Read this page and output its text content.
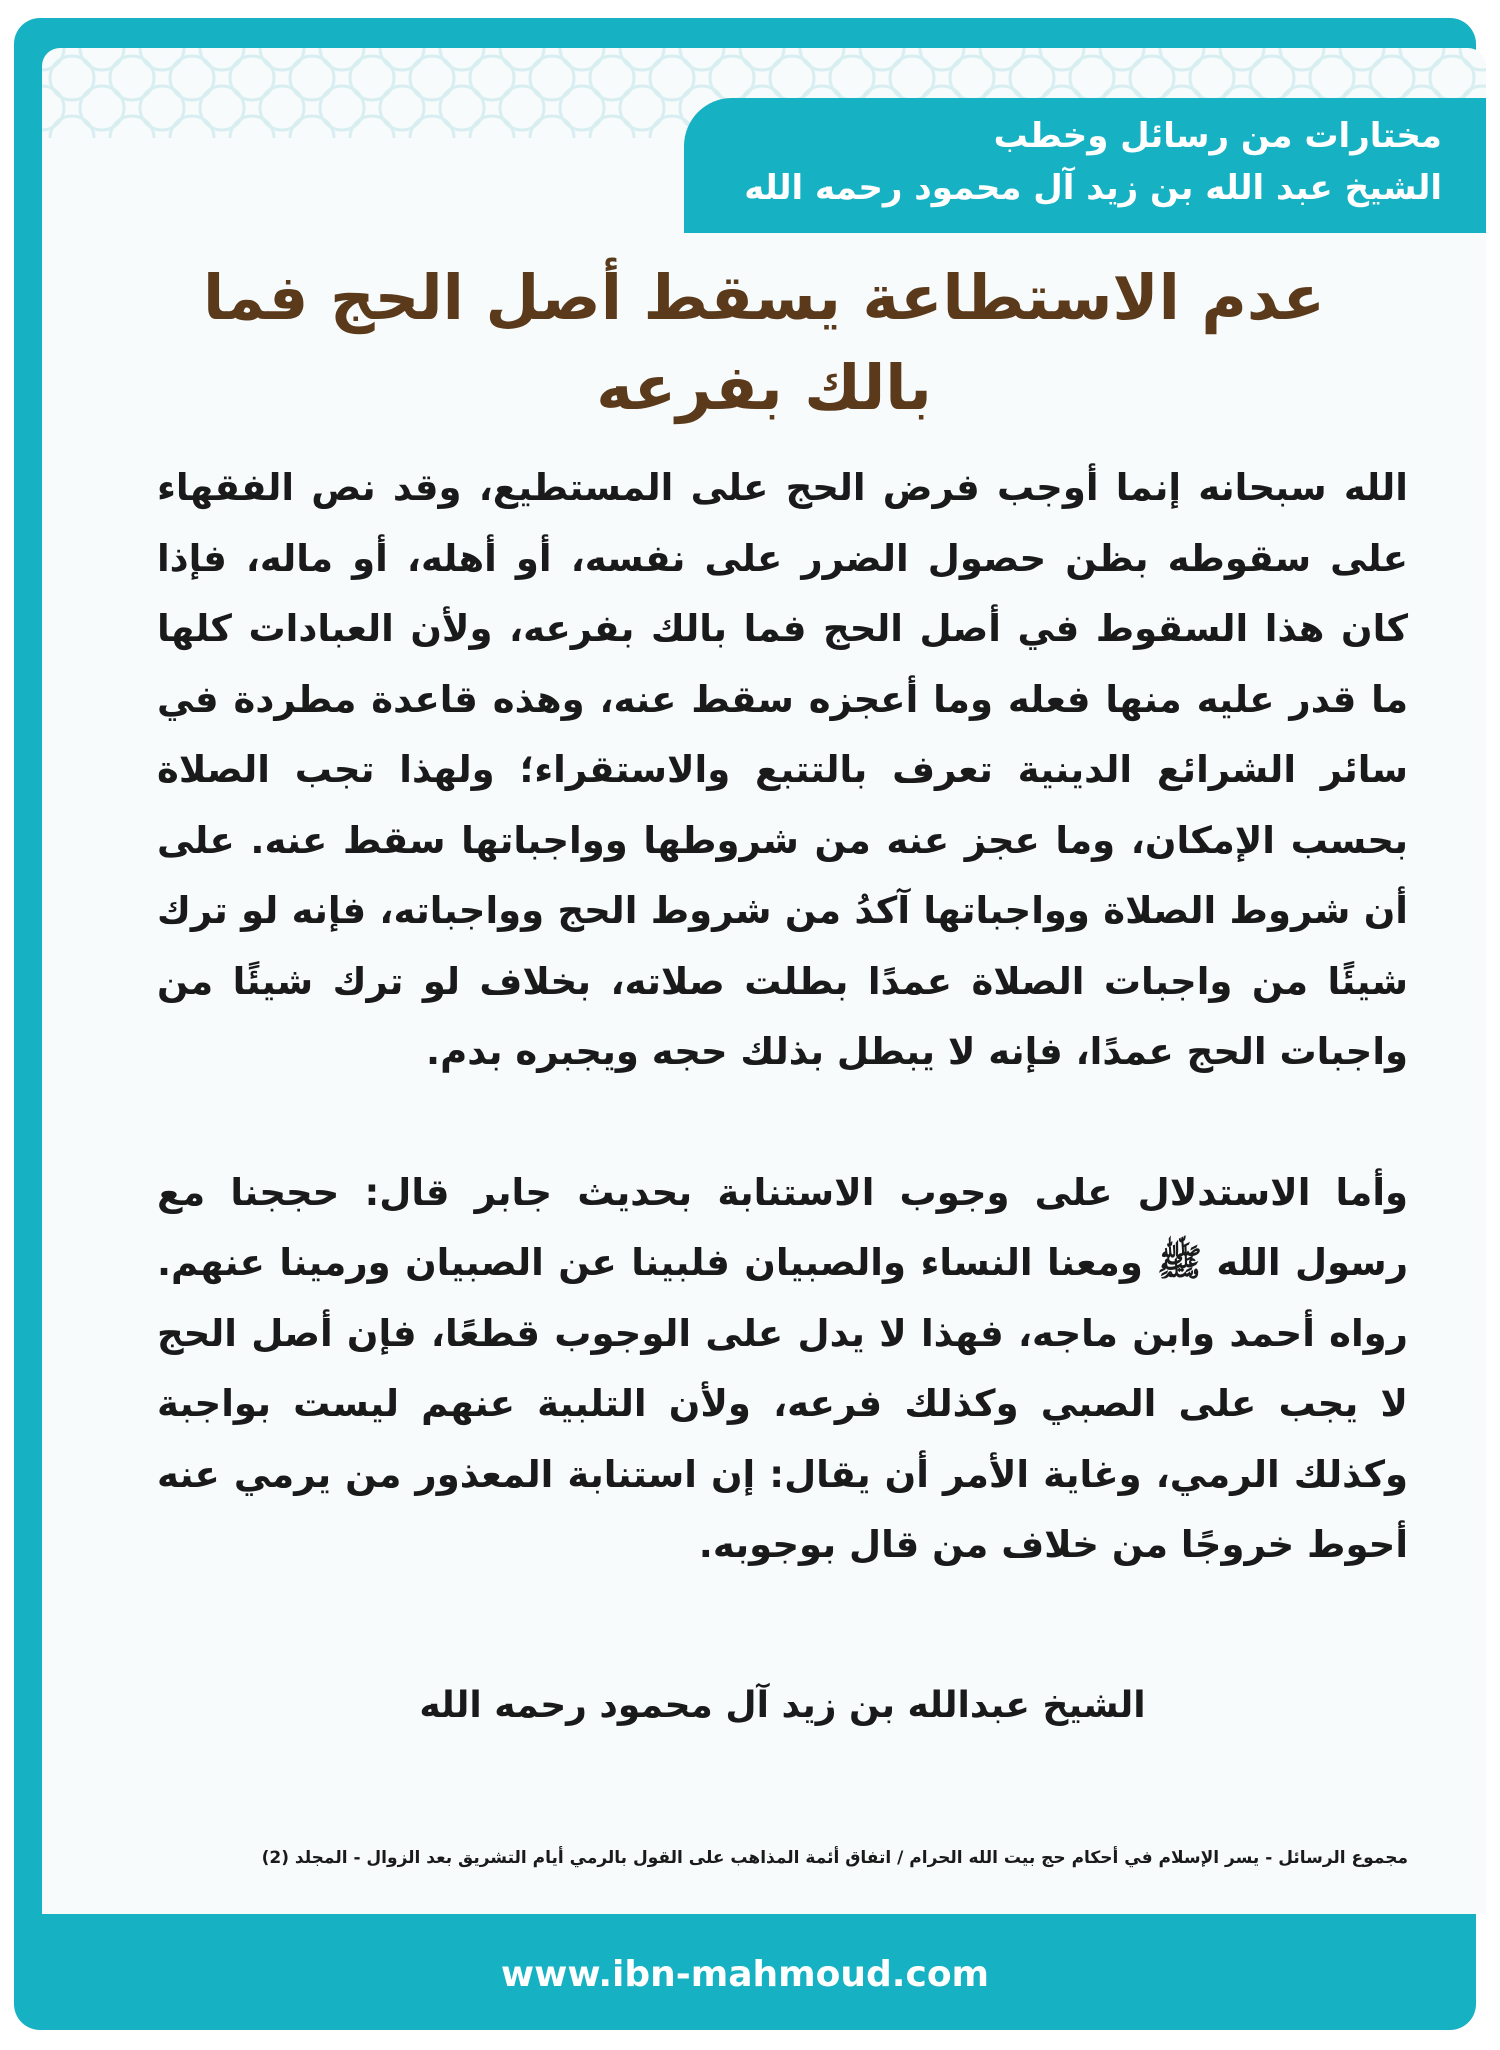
مختارات من رسائل وخطب
الشيخ عبد الله بن زيد آل محمود رحمه الله
عدم الاستطاعة يسقط أصل الحج فما بالك بفرعه

الله سبحانه إنما أوجب فرض الحج على المستطيع، وقد نص الفقهاء على سقوطه بظن حصول الضرر على نفسه، أو أهله، أو ماله، فإذا كان هذا السقوط في أصل الحج فما بالك بفرعه، ولأن العبادات كلها ما قدر عليه منها فعله وما أعجزه سقط عنه، وهذه قاعدة مطردة في سائر الشرائع الدينية تعرف بالتتبع والاستقراء؛ ولهذا تجب الصلاة بحسب الإمكان، وما عجز عنه من شروطها وواجباتها سقط عنه. على أن شروط الصلاة وواجباتها آكدُ من شروط الحج وواجباته، فإنه لو ترك شيئًا من واجبات الصلاة عمدًا بطلت صلاته، بخلاف لو ترك شيئًا من واجبات الحج عمدًا، فإنه لا يبطل بذلك حجه ويجبره بدم.

وأما الاستدلال على وجوب الاستنابة بحديث جابر قال: حججنا مع رسول الله ﷺ ومعنا النساء والصبيان فلبينا عن الصبيان ورمينا عنهم. رواه أحمد وابن ماجه، فهذا لا يدل على الوجوب قطعًا، فإن أصل الحج لا يجب على الصبي وكذلك فرعه، ولأن التلبية عنهم ليست بواجبة وكذلك الرمي، وغاية الأمر أن يقال: إن استنابة المعذور من يرمي عنه أحوط خروجًا من خلاف من قال بوجوبه.

الشيخ عبدالله بن زيد آل محمود رحمه الله
مجموع الرسائل - يسر الإسلام في أحكام حج بيت الله الحرام / اتفاق أئمة المذاهب على القول بالرمي أيام التشريق بعد الزوال - المجلد (2)
www.ibn-mahmoud.com
